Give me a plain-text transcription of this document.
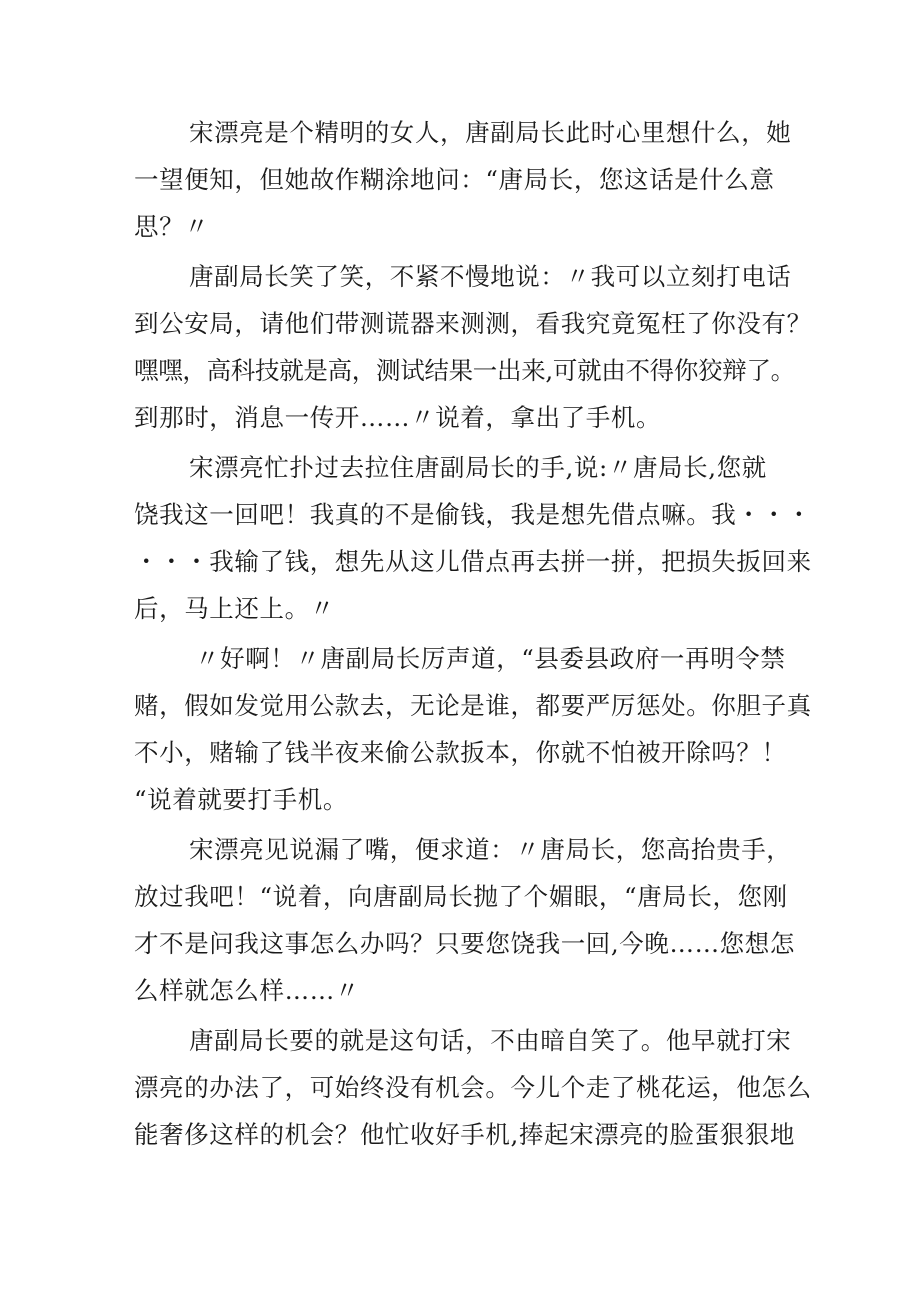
宋漂亮是个精明的女人，唐副局长此时心里想什么，她
一望便知，但她故作糊涂地问：“唐局长，您这话是什么意
思？〃
唐副局长笑了笑，不紧不慢地说：〃我可以立刻打电话
到公安局，请他们带测谎器来测测，看我究竟冤枉了你没有？
嘿嘿，高科技就是高，测试结果一出来,可就由不得你狡辩了。
到那时，消息一传开……〃说着，拿出了手机。
宋漂亮忙扑过去拉住唐副局长的手,说:〃唐局长,您就
饶我这一回吧！我真的不是偷钱，我是想先借点嘛。我・・・
・・・我输了钱，想先从这儿借点再去拼一拼，把损失扳回来
后，马上还上。〃
〃好啊！〃唐副局长厉声道，“县委县政府一再明令禁
赌，假如发觉用公款去，无论是谁，都要严厉惩处。你胆子真
不小，赌输了钱半夜来偷公款扳本，你就不怕被开除吗？！
“说着就要打手机。
宋漂亮见说漏了嘴，便求道：〃唐局长，您高抬贵手，
放过我吧！“说着，向唐副局长抛了个媚眼，“唐局长，您刚
才不是问我这事怎么办吗？只要您饶我一回,今晚……您想怎
么样就怎么样……〃
唐副局长要的就是这句话，不由暗自笑了。他早就打宋
漂亮的办法了，可始终没有机会。今儿个走了桃花运，他怎么
能奢侈这样的机会？他忙收好手机,捧起宋漂亮的脸蛋狠狠地
